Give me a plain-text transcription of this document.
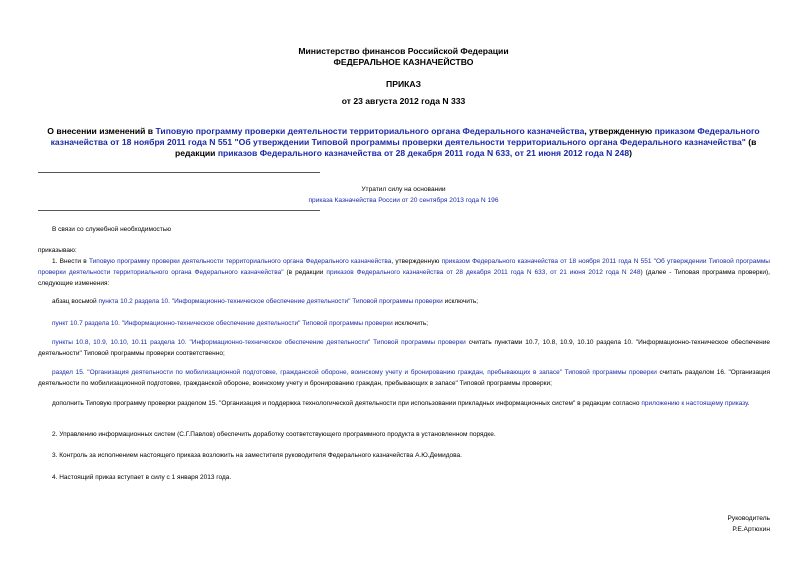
Министерство финансов Российской Федерации
ФЕДЕРАЛЬНОЕ КАЗНАЧЕЙСТВО
ПРИКАЗ
от 23 августа 2012 года N 333
О внесении изменений в Типовую программу проверки деятельности территориального органа Федерального казначейства, утвержденную приказом Федерального казначейства от 18 ноября 2011 года N 551 "Об утверждении Типовой программы проверки деятельности территориального органа Федерального казначейства" (в редакции приказов Федерального казначейства от 28 декабря 2011 года N 633, от 21 июня 2012 года N 248)
Утратил силу на основании
приказа Казначейства России от 20 сентября 2013 года N 196
В связи со служебной необходимостью
приказываю:
1. Внести в Типовую программу проверки деятельности территориального органа Федерального казначейства, утвержденную приказом Федерального казначейства от 18 ноября 2011 года N 551 "Об утверждении Типовой программы проверки деятельности территориального органа Федерального казначейства" (в редакции приказов Федерального казначейства от 28 декабря 2011 года N 633, от 21 июня 2012 года N 248) (далее - Типовая программа проверки), следующие изменения:
абзац восьмой пункта 10.2 раздела 10. "Информационно-техническое обеспечение деятельности" Типовой программы проверки исключить;
пункт 10.7 раздела 10. "Информационно-техническое обеспечение деятельности" Типовой программы проверки исключить;
пункты 10.8, 10.9, 10.10, 10.11 раздела 10. "Информационно-техническое обеспечение деятельности" Типовой программы проверки считать пунктами 10.7, 10.8, 10.9, 10.10 раздела 10. "Информационно-техническое обеспечение деятельности" Типовой программы проверки соответственно;
раздел 15. "Организация деятельности по мобилизационной подготовке, гражданской обороне, воинскому учету и бронированию граждан, пребывающих в запасе" Типовой программы проверки считать разделом 16. "Организация деятельности по мобилизационной подготовке, гражданской обороне, воинскому учету и бронированию граждан, пребывающих в запасе" Типовой программы проверки;
дополнить Типовую программу проверки разделом 15. "Организация и поддержка технологической деятельности при использовании прикладных информационных систем" в редакции согласно приложению к настоящему приказу.
2. Управлению информационных систем (С.Г.Павлов) обеспечить доработку соответствующего программного продукта в установленном порядке.
3. Контроль за исполнением настоящего приказа возложить на заместителя руководителя Федерального казначейства А.Ю.Демидова.
4. Настоящий приказ вступает в силу с 1 января 2013 года.
Руководитель
Р.Е.Артюхин
